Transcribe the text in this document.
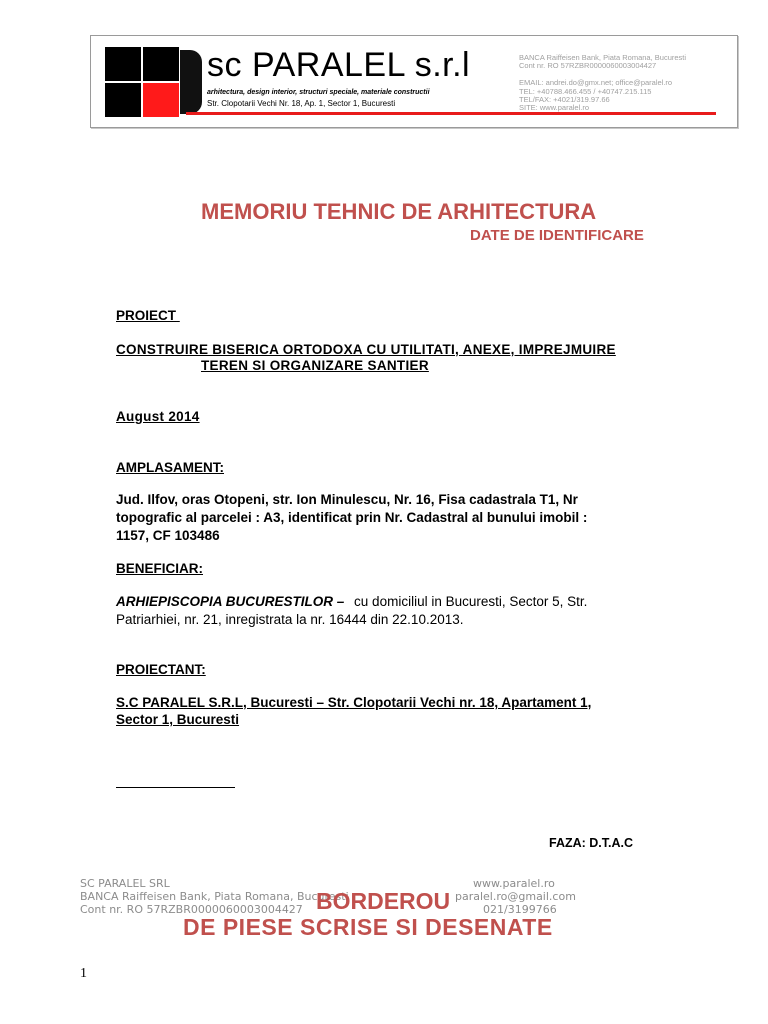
sc PARALEL s.r.l
arhitectura, design interior, structuri speciale, materiale constructii
Str. Clopotarii Vechi Nr. 18, Ap. 1, Sector 1, Bucuresti
BANCA Raiffeisen Bank, Piata Romana, Bucuresti
Cont nr. RO 57RZBR0000060003004427

EMAIL: andrei.do@gmx.net; office@paralel.ro
TEL: +40788.466.455 / +40747.215.115
TEL/FAX: +4021/319.97.66
SITE: www.paralel.ro
MEMORIU TEHNIC DE ARHITECTURA
DATE DE IDENTIFICARE
PROIECT
CONSTRUIRE BISERICA ORTODOXA CU UTILITATI, ANEXE, IMPREJMUIRE
TEREN SI ORGANIZARE SANTIER
August 2014
AMPLASAMENT:
Jud. Ilfov, oras Otopeni, str. Ion Minulescu, Nr. 16, Fisa cadastrala T1, Nr
topografic al parcelei : A3, identificat prin Nr. Cadastral al bunului imobil :
1157, CF 103486
BENEFICIAR:
ARHIEPISCOPIA BUCURESTILOR – cu domiciliul in Bucuresti, Sector 5, Str.
Patriarhiei, nr. 21, inregistrata la nr. 16444 din 22.10.2013.
PROIECTANT:
S.C PARALEL S.R.L, Bucuresti – Str. Clopotarii Vechi nr. 18, Apartament 1,
Sector 1, Bucuresti
FAZA: D.T.A.C
SC PARALEL SRL
BANCA Raiffeisen Bank, Piata Romana, Bucuresti
Cont nr. RO 57RZBR0000060003004427
www.paralel.ro
paralel.ro@gmail.com
021/3199766
BORDEROU
DE PIESE SCRISE SI DESENATE
1
